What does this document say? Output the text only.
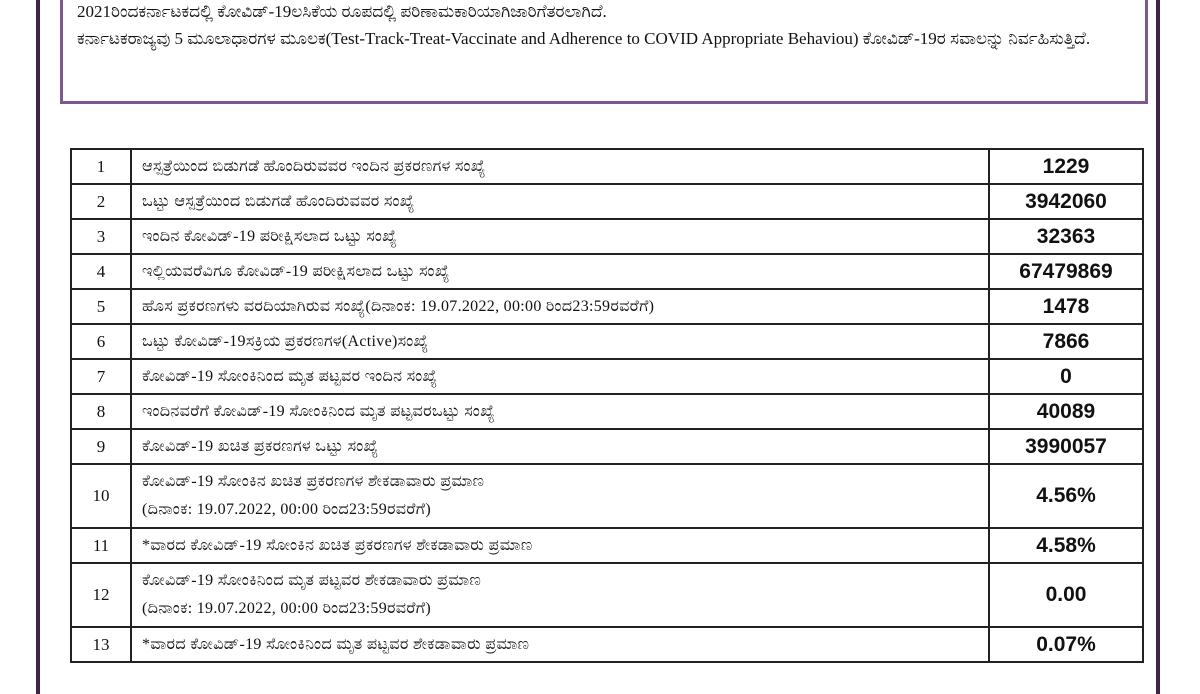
2021ರಿಂದಕರ್ನಾಟಕದಲ್ಲಿ ಕೋವಿಡ್-19ಲಸಿಕೆಯ ರೂಪದಲ್ಲಿ ಪರಿಣಾಮಕಾರಿಯಾಗಿಜಾರಿಗೆತರಲಾಗಿದೆ.

ಕರ್ನಾಟಕರಾಜ್ಯವು 5 ಮೂಲಾಧಾರಗಳ ಮೂಲಕ(Test-Track-Treat-Vaccinate and Adherence to COVID Appropriate Behaviou) ಕೋವಿಡ್-19ರ ಸವಾಲನ್ನು ನಿರ್ವಹಿಸುತ್ತಿದೆ.

1	ಆಸ್ಪತ್ರೆಯಿಂದ ಬಿಡುಗಡೆ ಹೊಂದಿರುವವರ ಇಂದಿನ ಪ್ರಕರಣಗಳ ಸಂಖ್ಯೆ	1229
2	ಒಟ್ಟು ಆಸ್ಪತ್ರೆಯಿಂದ ಬಿಡುಗಡೆ ಹೊಂದಿರುವವರ ಸಂಖ್ಯೆ	3942060
3	ಇಂದಿನ ಕೋವಿಡ್-19 ಪರೀಕ್ಷಿಸಲಾದ ಒಟ್ಟು ಸಂಖ್ಯೆ	32363
4	ಇಲ್ಲಿಯವರೆವಿಗೂ ಕೋವಿಡ್-19 ಪರೀಕ್ಷಿಸಲಾದ ಒಟ್ಟು ಸಂಖ್ಯೆ	67479869
5	ಹೊಸ ಪ್ರಕರಣಗಳು ವರದಿಯಾಗಿರುವ ಸಂಖ್ಯೆ(ದಿನಾಂಕ: 19.07.2022, 00:00 ರಿಂದ23:59ರವರೆಗೆ)	1478
6	ಒಟ್ಟು ಕೋವಿಡ್-19ಸಕ್ರಿಯ ಪ್ರಕರಣಗಳ(Active)ಸಂಖ್ಯೆ	7866
7	ಕೋವಿಡ್-19 ಸೋಂಕಿನಿಂದ ಮೃತ ಪಟ್ಟವರ ಇಂದಿನ ಸಂಖ್ಯೆ	0
8	ಇಂದಿನವರೆಗೆ ಕೋವಿಡ್-19 ಸೋಂಕಿನಿಂದ ಮೃತ ಪಟ್ಟವರಒಟ್ಟು ಸಂಖ್ಯೆ	40089
9	ಕೋವಿಡ್-19 ಖಚಿತ ಪ್ರಕರಣಗಳ ಒಟ್ಟು ಸಂಖ್ಯೆ	3990057
10	ಕೋವಿಡ್-19 ಸೋಂಕಿನ ಖಚಿತ ಪ್ರಕರಣಗಳ ಶೇಕಡಾವಾರು ಪ್ರಮಾಣ
(ದಿನಾಂಕ: 19.07.2022, 00:00 ರಿಂದ23:59ರವರೆಗೆ)	4.56%
11	*ವಾರದ ಕೋವಿಡ್-19 ಸೋಂಕಿನ ಖಚಿತ ಪ್ರಕರಣಗಳ ಶೇಕಡಾವಾರು ಪ್ರಮಾಣ	4.58%
12	ಕೋವಿಡ್-19 ಸೋಂಕಿನಿಂದ ಮೃತ ಪಟ್ಟವರ ಶೇಕಡಾವಾರು ಪ್ರಮಾಣ
(ದಿನಾಂಕ: 19.07.2022, 00:00 ರಿಂದ23:59ರವರೆಗೆ)	0.00
13	*ವಾರದ ಕೋವಿಡ್-19 ಸೋಂಕಿನಿಂದ ಮೃತ ಪಟ್ಟವರ ಶೇಕಡಾವಾರು ಪ್ರಮಾಣ	0.07%
